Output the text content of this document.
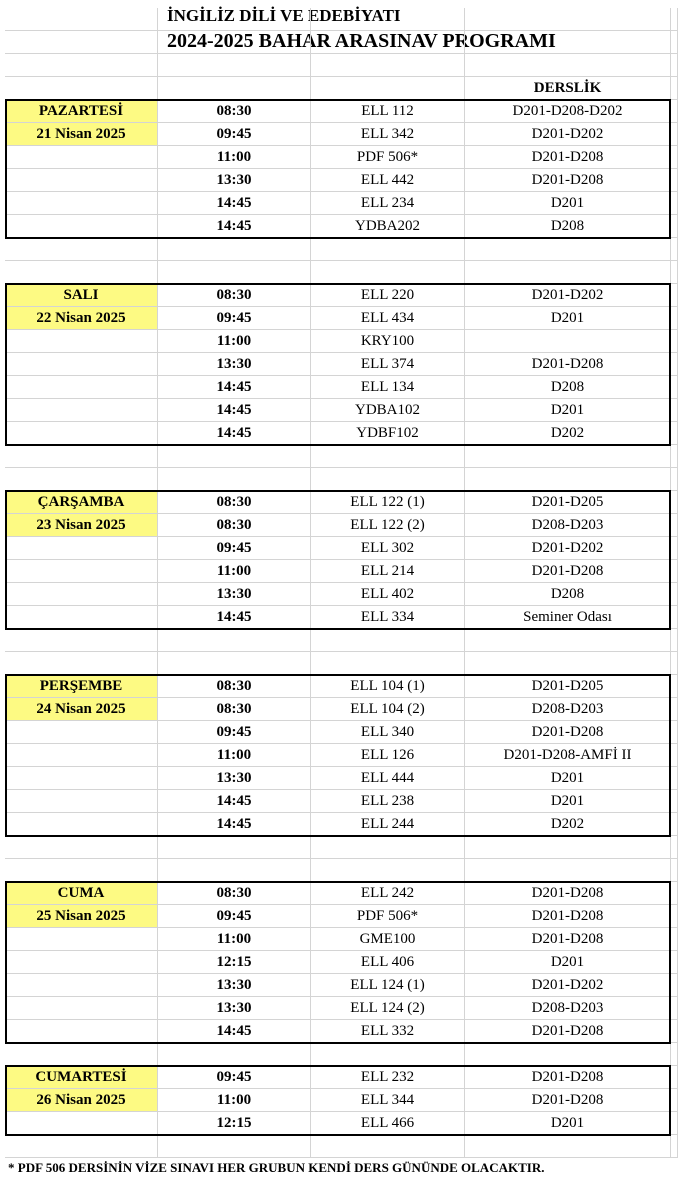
İNGİLİZ DİLİ VE EDEBİYATI
2024-2025 BAHAR ARASINAV PROGRAMI
DERSLİK
PAZARTESİ	08:30	ELL 112	D201-D208-D202
21 Nisan 2025	09:45	ELL 342	D201-D202
11:00	PDF 506*	D201-D208
13:30	ELL 442	D201-D208
14:45	ELL 234	D201
14:45	YDBA202	D208
SALI	08:30	ELL 220	D201-D202
22 Nisan 2025	09:45	ELL 434	D201
11:00	KRY100
13:30	ELL 374	D201-D208
14:45	ELL 134	D208
14:45	YDBA102	D201
14:45	YDBF102	D202
ÇARŞAMBA	08:30	ELL 122 (1)	D201-D205
23 Nisan 2025	08:30	ELL 122 (2)	D208-D203
09:45	ELL 302	D201-D202
11:00	ELL 214	D201-D208
13:30	ELL 402	D208
14:45	ELL 334	Seminer Odası
PERŞEMBE	08:30	ELL 104 (1)	D201-D205
24 Nisan 2025	08:30	ELL 104 (2)	D208-D203
09:45	ELL 340	D201-D208
11:00	ELL 126	D201-D208-AMFİ II
13:30	ELL 444	D201
14:45	ELL 238	D201
14:45	ELL 244	D202
CUMA	08:30	ELL 242	D201-D208
25 Nisan 2025	09:45	PDF 506*	D201-D208
11:00	GME100	D201-D208
12:15	ELL 406	D201
13:30	ELL 124 (1)	D201-D202
13:30	ELL 124 (2)	D208-D203
14:45	ELL 332	D201-D208
CUMARTESİ	09:45	ELL 232	D201-D208
26 Nisan 2025	11:00	ELL 344	D201-D208
12:15	ELL 466	D201
* PDF 506 DERSİNİN VİZE SINAVI HER GRUBUN KENDİ DERS GÜNÜNDE OLACAKTIR.
